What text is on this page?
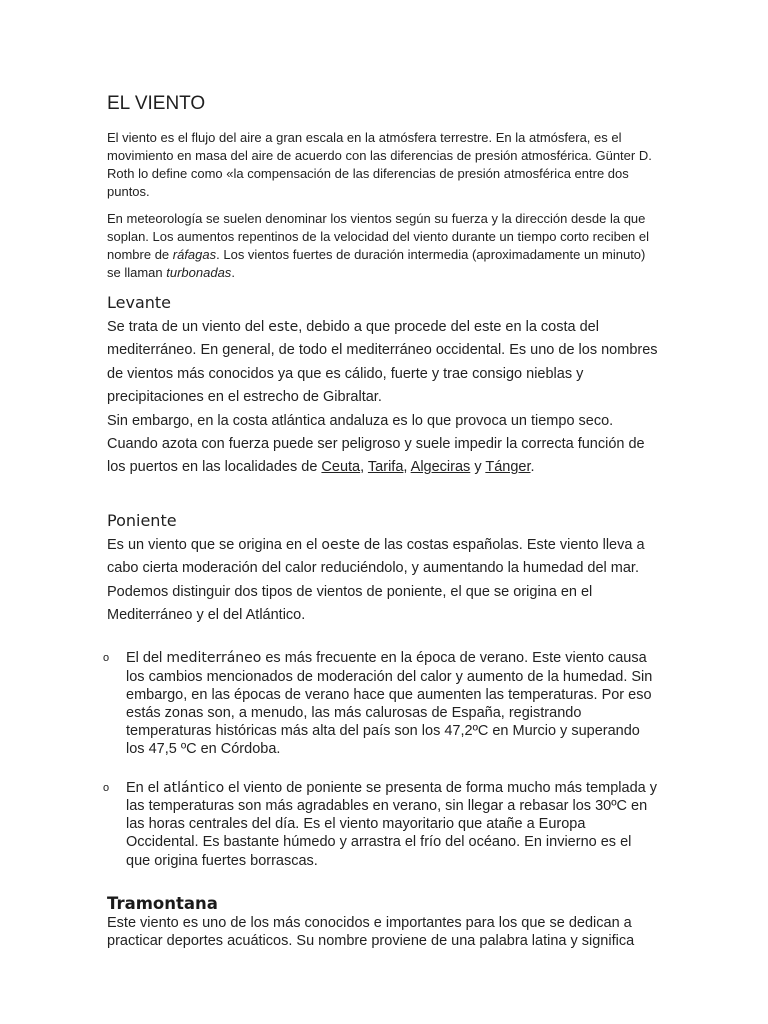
EL VIENTO

El viento es el flujo del aire a gran escala en la atmósfera terrestre. En la atmósfera, es el movimiento en masa del aire de acuerdo con las diferencias de presión atmosférica. Günter D. Roth lo define como «la compensación de las diferencias de presión atmosférica entre dos puntos.

En meteorología se suelen denominar los vientos según su fuerza y la dirección desde la que soplan. Los aumentos repentinos de la velocidad del viento durante un tiempo corto reciben el nombre de ráfagas. Los vientos fuertes de duración intermedia (aproximadamente un minuto) se llaman turbonadas.

Levante

Se trata de un viento del este, debido a que procede del este en la costa del mediterráneo. En general, de todo el mediterráneo occidental. Es uno de los nombres de vientos más conocidos ya que es cálido, fuerte y trae consigo nieblas y precipitaciones en el estrecho de Gibraltar.
Sin embargo, en la costa atlántica andaluza es lo que provoca un tiempo seco. Cuando azota con fuerza puede ser peligroso y suele impedir la correcta función de los puertos en las localidades de Ceuta, Tarifa, Algeciras y Tánger.

Poniente

Es un viento que se origina en el oeste de las costas españolas. Este viento lleva a cabo cierta moderación del calor reduciéndolo, y aumentando la humedad del mar. Podemos distinguir dos tipos de vientos de poniente, el que se origina en el Mediterráneo y el del Atlántico.

o El del mediterráneo es más frecuente en la época de verano. Este viento causa los cambios mencionados de moderación del calor y aumento de la humedad. Sin embargo, en las épocas de verano hace que aumenten las temperaturas. Por eso estás zonas son, a menudo, las más calurosas de España, registrando temperaturas históricas más alta del país son los 47,2ºC en Murcio y superando los 47,5 ºC en Córdoba.
o En el atlántico el viento de poniente se presenta de forma mucho más templada y las temperaturas son más agradables en verano, sin llegar a rebasar los 30ºC en las horas centrales del día. Es el viento mayoritario que atañe a Europa Occidental. Es bastante húmedo y arrastra el frío del océano. En invierno es el que origina fuertes borrascas.
Tramontana

Este viento es uno de los más conocidos e importantes para los que se dedican a practicar deportes acuáticos. Su nombre proviene de una palabra latina y significa
